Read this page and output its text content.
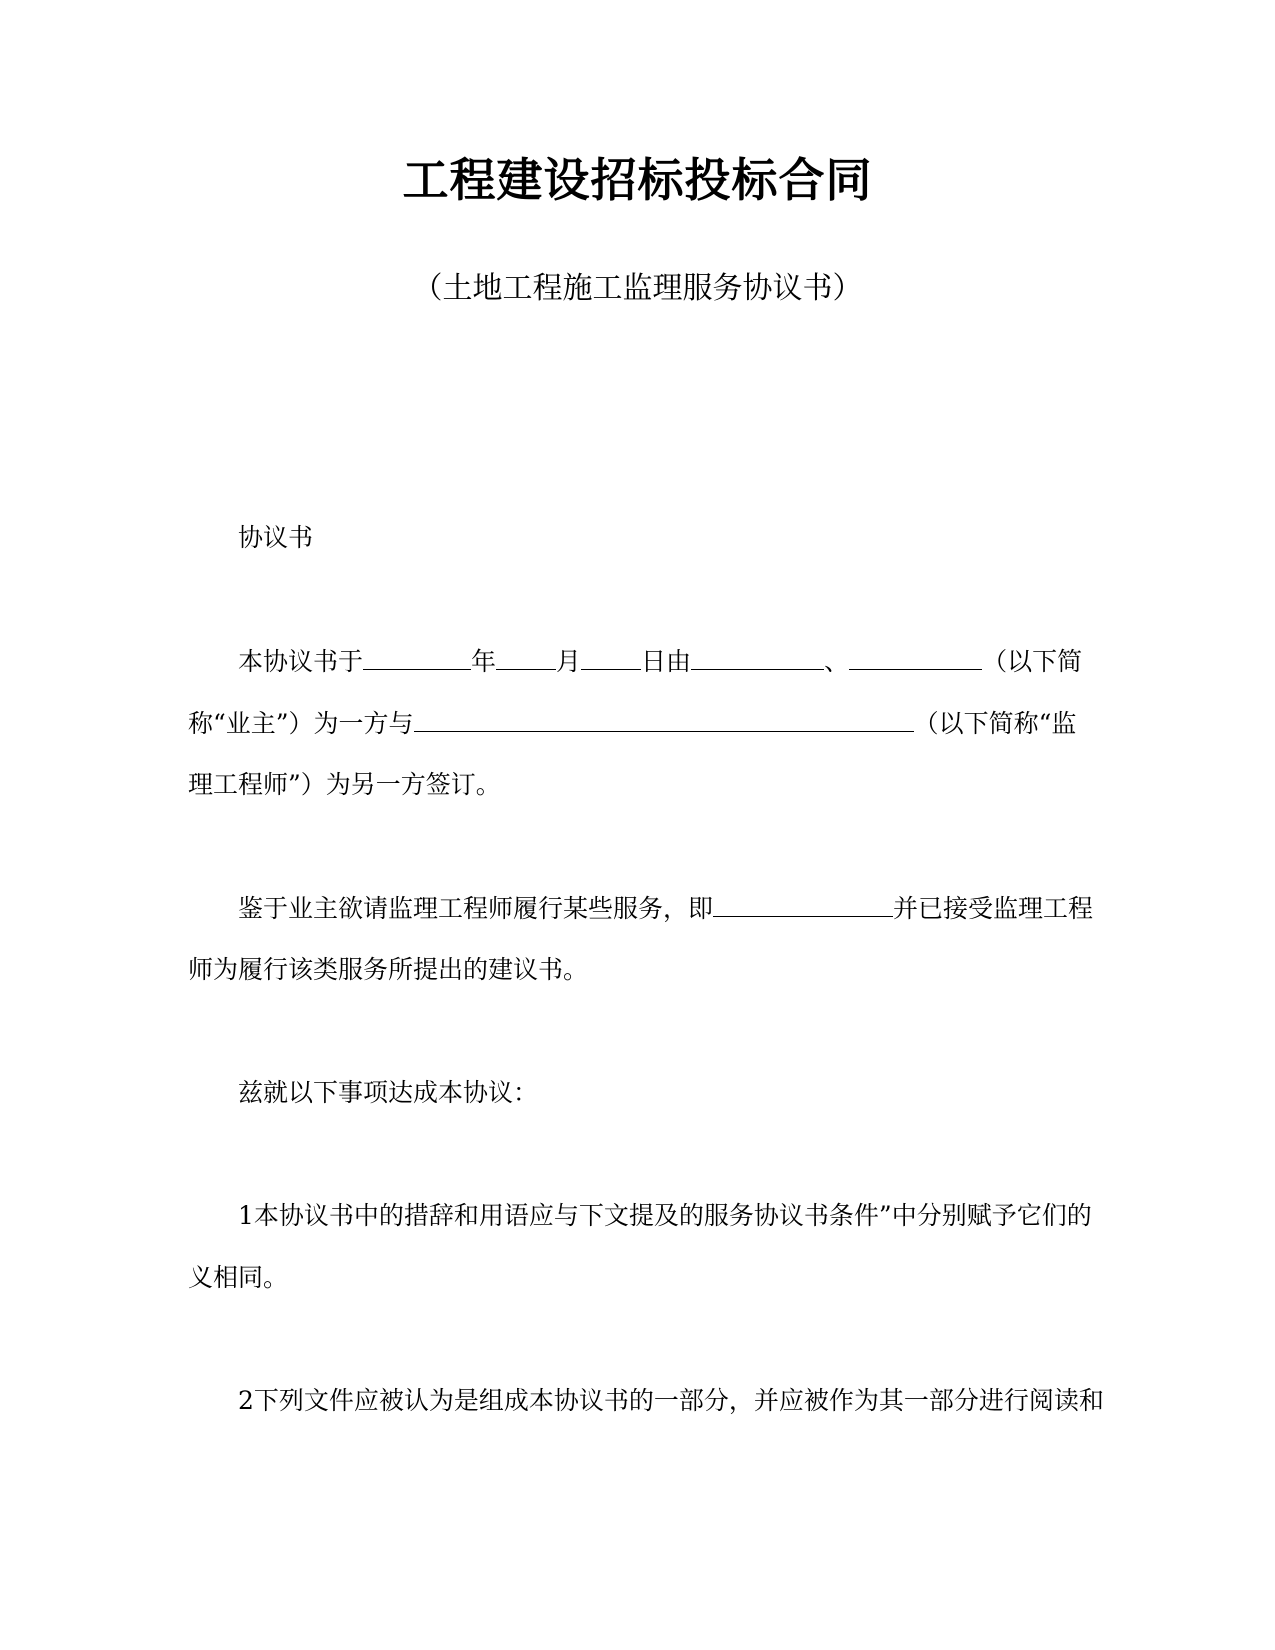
工程建设招标投标合同
（土地工程施工监理服务协议书）
协议书
本协议书于	年 月 日由	、	（以下简
称“业主”）为一方与	（以下简称“监
理工程师”）为另一方签订。
鉴于业主欲请监理工程师履行某些服务，即	并已接受监理工程
师为履行该类服务所提出的建议书。
兹就以下事项达成本协议：
1本协议书中的措辞和用语应与下文提及的服务协议书条件”中分别赋予它们的
义相同。
2下列文件应被认为是组成本协议书的一部分，并应被作为其一部分进行阅读和
